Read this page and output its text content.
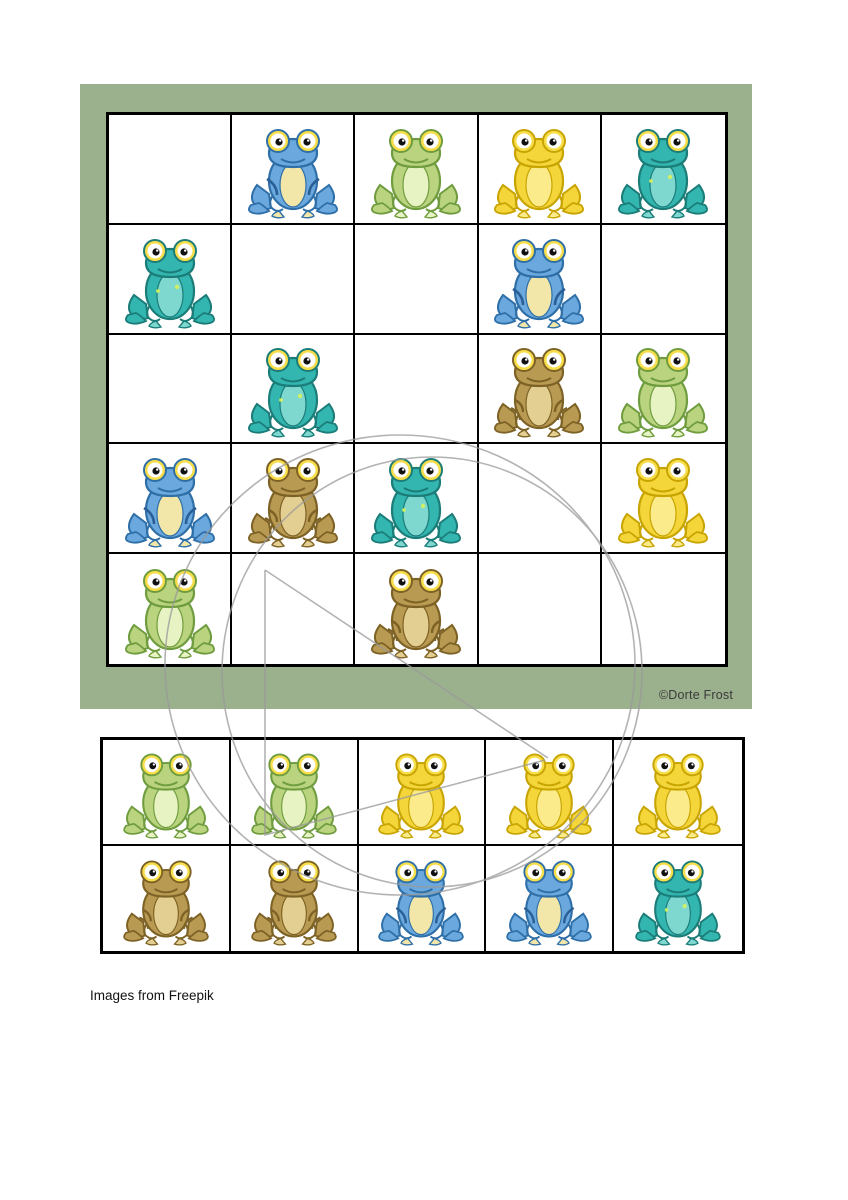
©Dorte Frost
Images from Freepik
